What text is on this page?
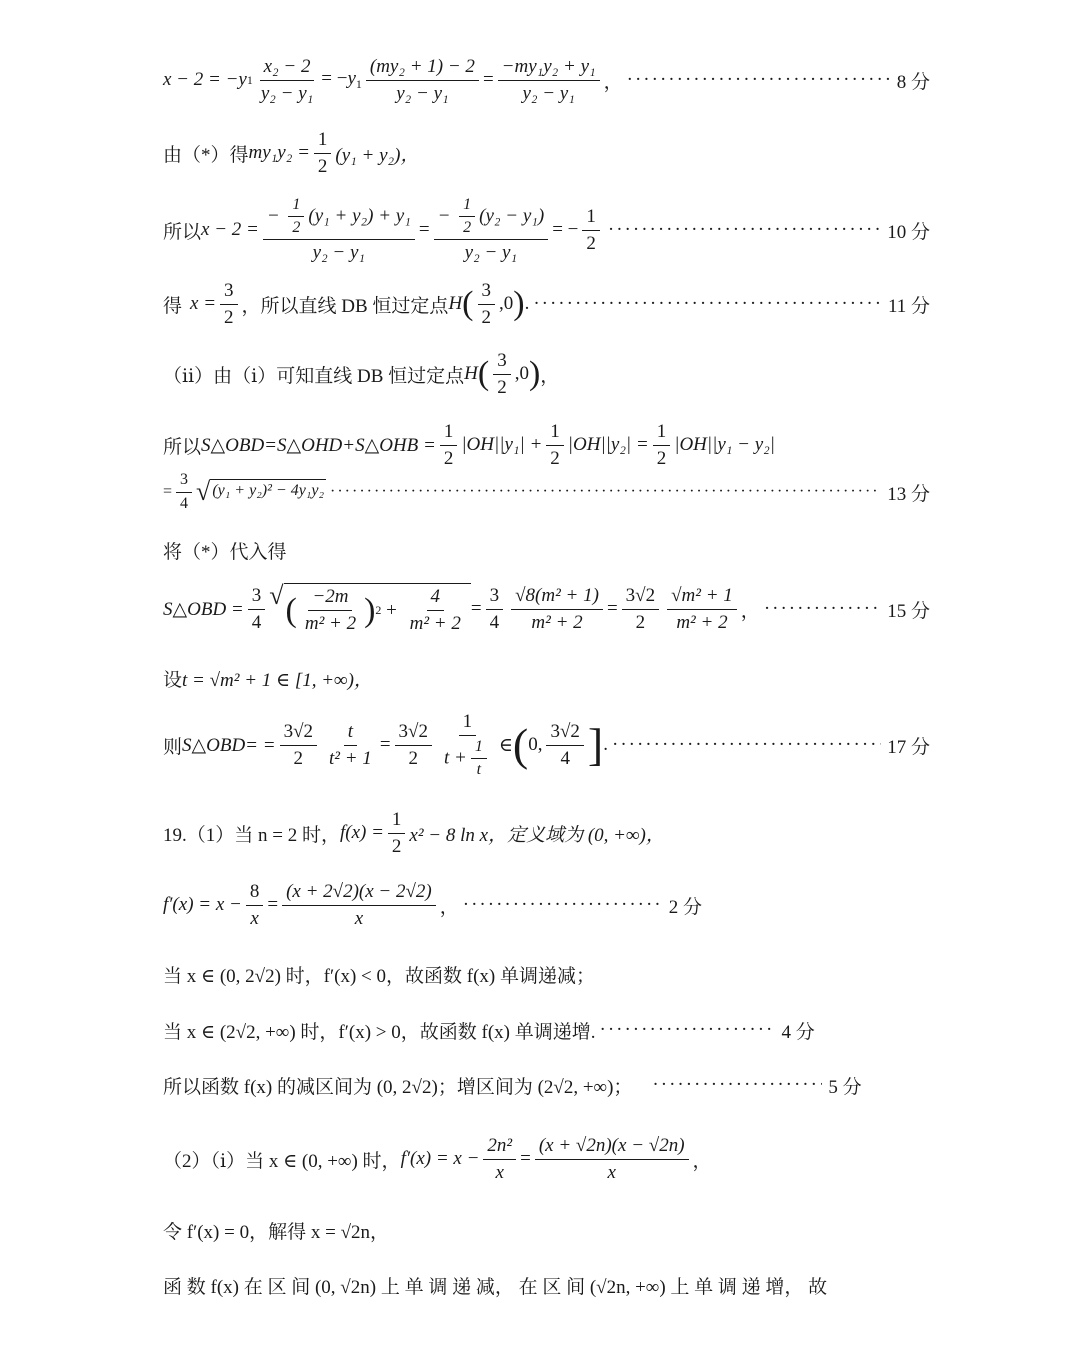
x − 2 = −y $1 \frac{\text{x₂ − 2}}{\text{y₂ − y₁}} = -y_1 \frac{\text{(my₂ + 1) − 2}}{\text{y₂ − y₁}} = \frac{\text{−my₁y₂ + y₁}}{\text{y₂ − y₁}}$ ， ·····	8 分
由（*）得 $my_1y_2 = \frac{1}{2} (y_1 + y_2)$，
所以 $x - 2 = \frac{- \frac{1}{2} (y_1 + y_2) + y_1}{\text{y₂ − y₁}} = \frac{- \frac{1}{2} (y_2 - y_1)}{\text{y₂ − y₁}}$ = − $\frac{1}{2}$ ·····	10 分
得 $x = \frac{3}{2}$ ，所以直线 DB 恒过定点 H ( $\frac{3}{2} ,0$ ) . ·····	11 分
（ⅱ）由（ⅰ）可知直线 DB 恒过定点 H ( $\frac{3}{2} ,0$ ) ，
所以 S△OBD=S△OHD+S△OHB = $\frac{1}{2} |OH||y_1| + \frac{1}{2} |OH||y_2| = \frac{1}{2} |OH||y_1 - y_2|$
= $\frac{3}{4}$ √ (y₁ + y₂)² − 4y₁y₂ ·····	13 分
将（*）代入得
S△OBD = $\frac{3}{4}$ √ ( $\frac{-2m}{\text{m² + 2}}$ ) $2 + \frac{4}{\text{m² + 2}} = \frac{3}{4} \frac{\text{√8(m² + 1)}}{\text{m² + 2}} = \frac{3√2}{2} \frac{\text{√m² + 1}}{\text{m² + 2}}$ ， ·····	15 分
设 t = √m² + 1 ∈ [1, +∞)，
则 S△OBD= = $\frac{3√2}{2} \frac{t}{\text{t² + 1}} = \frac{3√2}{2} \frac{1}{t + \frac{1}{t}}$ ∈ ( 0, $\frac{3√2}{4}$ ] . ·····	17 分
19.（1）当 n = 2 时， $f(x) = \frac{1}{2} x^2 - 8$ ln x，定义域为 (0, +∞)，
$f'(x) = x - \frac{8}{x} = \frac{(x + 2√2)(x - 2√2)}{x}$ ， ·····	2 分
当 x ∈ (0, 2√2) 时，f′(x) < 0，故函数 f(x) 单调递减；
当 x ∈ (2√2, +∞) 时，f′(x) > 0，故函数 f(x) 单调递增. ·····	4 分
所以函数 f(x) 的减区间为 (0, 2√2)；增区间为 (2√2, +∞)； ·····	5 分
（2）（ⅰ）当 x ∈ (0, +∞) 时， $f'(x) = x - \frac{\text{2n²}}{x} = \frac{(x + √2n)(x - √2n)}{x}$ ，
令 f′(x) = 0，解得 x = √2n，
函 数 f(x) 在 区 间 (0, √2n) 上 单 调 递 减， 在 区 间 (√2n, +∞) 上 单 调 递 增， 故
